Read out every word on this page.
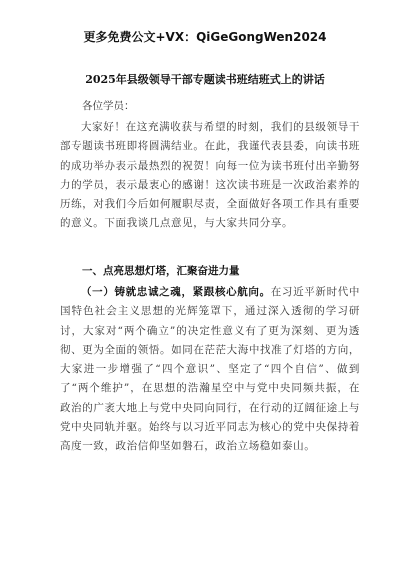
更多免费公文+VX：QiGeGongWen2024
2025年县级领导干部专题读书班结班式上的讲话
各位学员：

大家好！在这充满收获与希望的时刻，我们的县级领导干部专题读书班即将圆满结业。在此，我谨代表县委，向读书班的成功举办表示最热烈的祝贺！向每一位为读书班付出辛勤努力的学员，表示最衷心的感谢！这次读书班是一次政治素养的历练，对我们今后如何履职尽责，全面做好各项工作具有重要的意义。下面我谈几点意见，与大家共同分享。

一、点亮思想灯塔，汇聚奋进力量

（一）铸就忠诚之魂，紧跟核心航向。在习近平新时代中国特色社会主义思想的光辉笼罩下，通过深入透彻的学习研讨，大家对“两个确立”的决定性意义有了更为深刻、更为透彻、更为全面的领悟。如同在茫茫大海中找准了灯塔的方向，大家进一步增强了“四个意识”、坚定了“四个自信”、做到了“两个维护”，在思想的浩瀚星空中与党中央同频共振，在政治的广袤大地上与党中央同向同行，在行动的辽阔征途上与党中央同轨并驱。始终与以习近平同志为核心的党中央保持着高度一致，政治信仰坚如磐石，政治立场稳如泰山。
